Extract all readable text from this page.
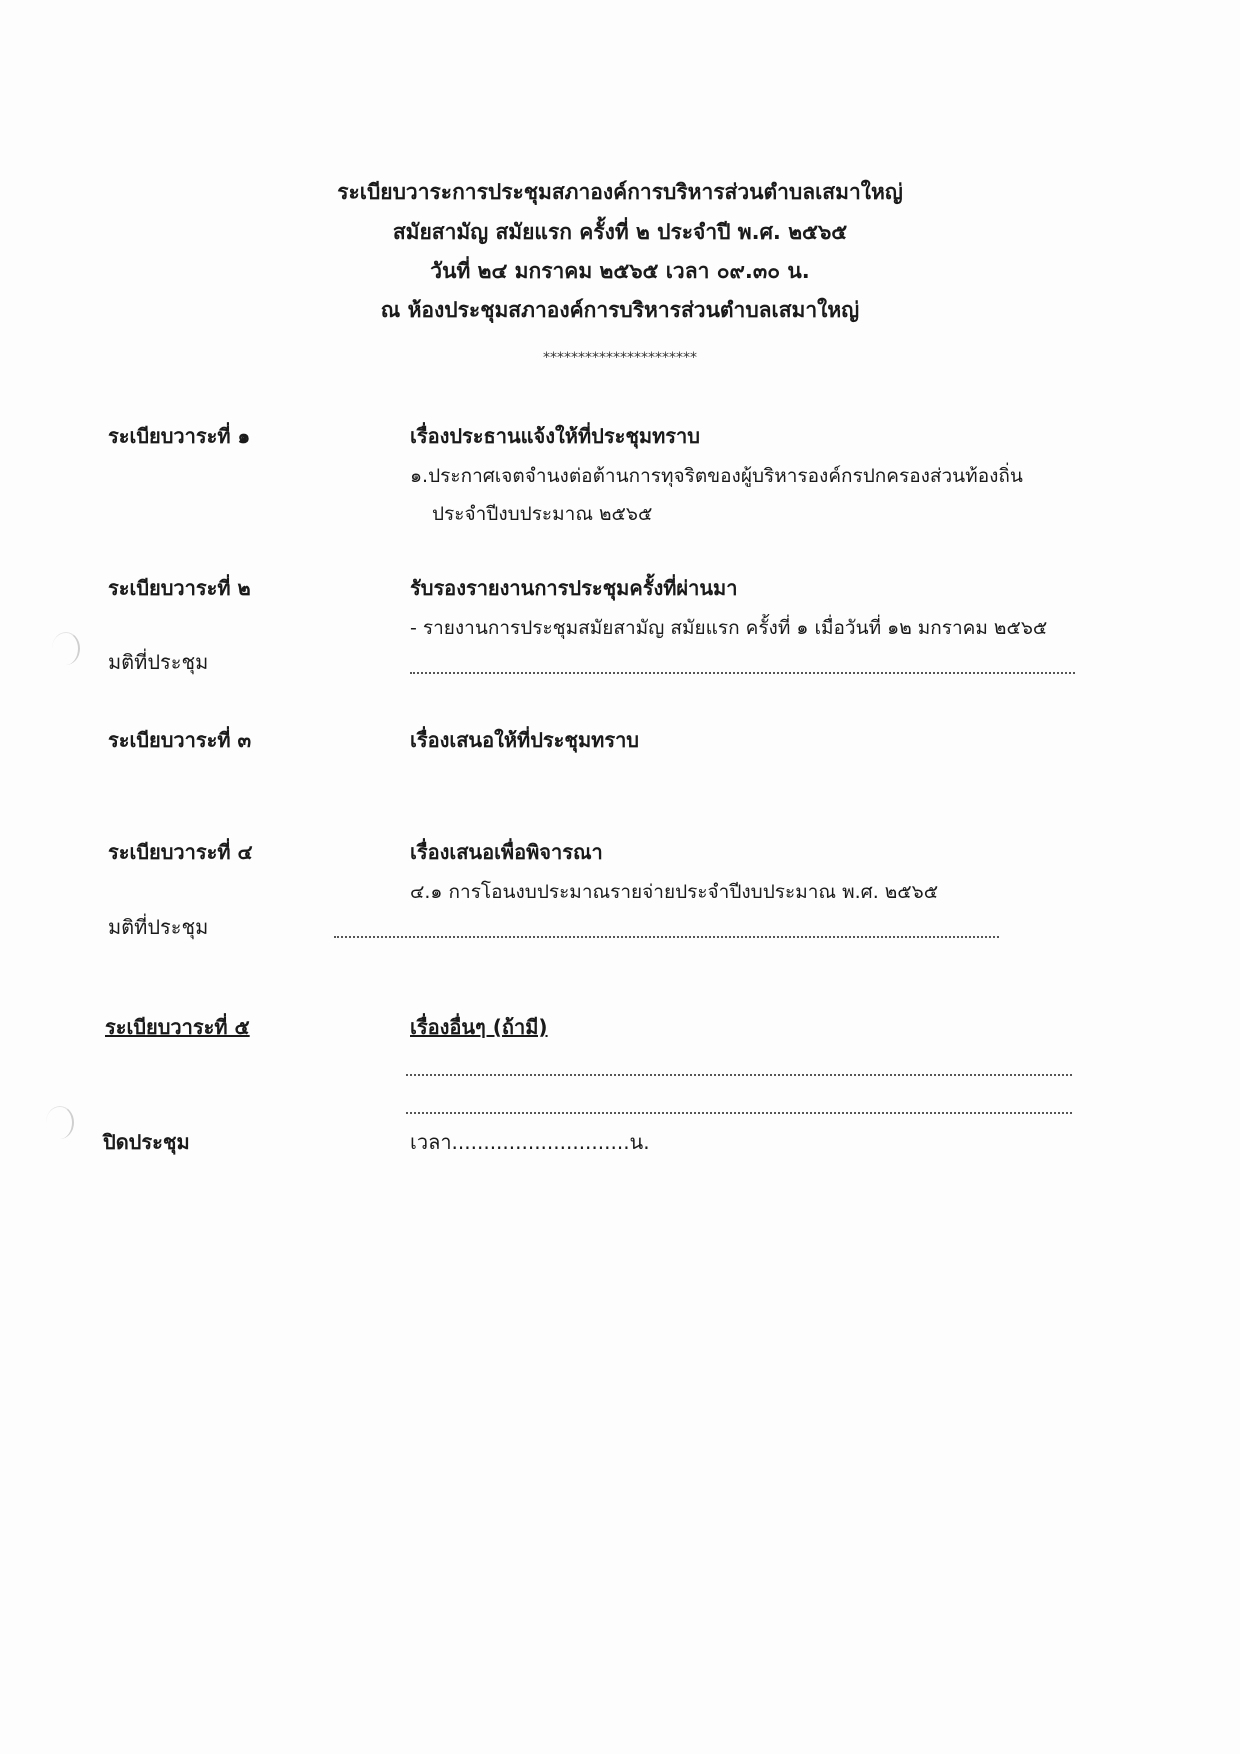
ระเบียบวาระการประชุมสภาองค์การบริหารส่วนตำบลเสมาใหญ่
สมัยสามัญ สมัยแรก ครั้งที่ ๒ ประจำปี พ.ศ. ๒๕๖๕
วันที่ ๒๔ มกราคม ๒๕๖๕ เวลา ๐๙.๓๐ น.
ณ ห้องประชุมสภาองค์การบริหารส่วนตำบลเสมาใหญ่
**********************
ระเบียบวาระที่ ๑	เรื่องประธานแจ้งให้ที่ประชุมทราบ
๑.ประกาศเจตจำนงต่อต้านการทุจริตของผู้บริหารองค์กรปกครองส่วนท้องถิ่น
ประจำปีงบประมาณ ๒๕๖๕
ระเบียบวาระที่ ๒	รับรองรายงานการประชุมครั้งที่ผ่านมา
- รายงานการประชุมสมัยสามัญ สมัยแรก ครั้งที่ ๑ เมื่อวันที่ ๑๒ มกราคม ๒๕๖๕
มติที่ประชุม
ระเบียบวาระที่ ๓	เรื่องเสนอให้ที่ประชุมทราบ
ระเบียบวาระที่ ๔	เรื่องเสนอเพื่อพิจารณา
๔.๑ การโอนงบประมาณรายจ่ายประจำปีงบประมาณ พ.ศ. ๒๕๖๕
มติที่ประชุม
ระเบียบวาระที่ ๕	เรื่องอื่นๆ (ถ้ามี)
ปิดประชุม	เวลา............................น.
